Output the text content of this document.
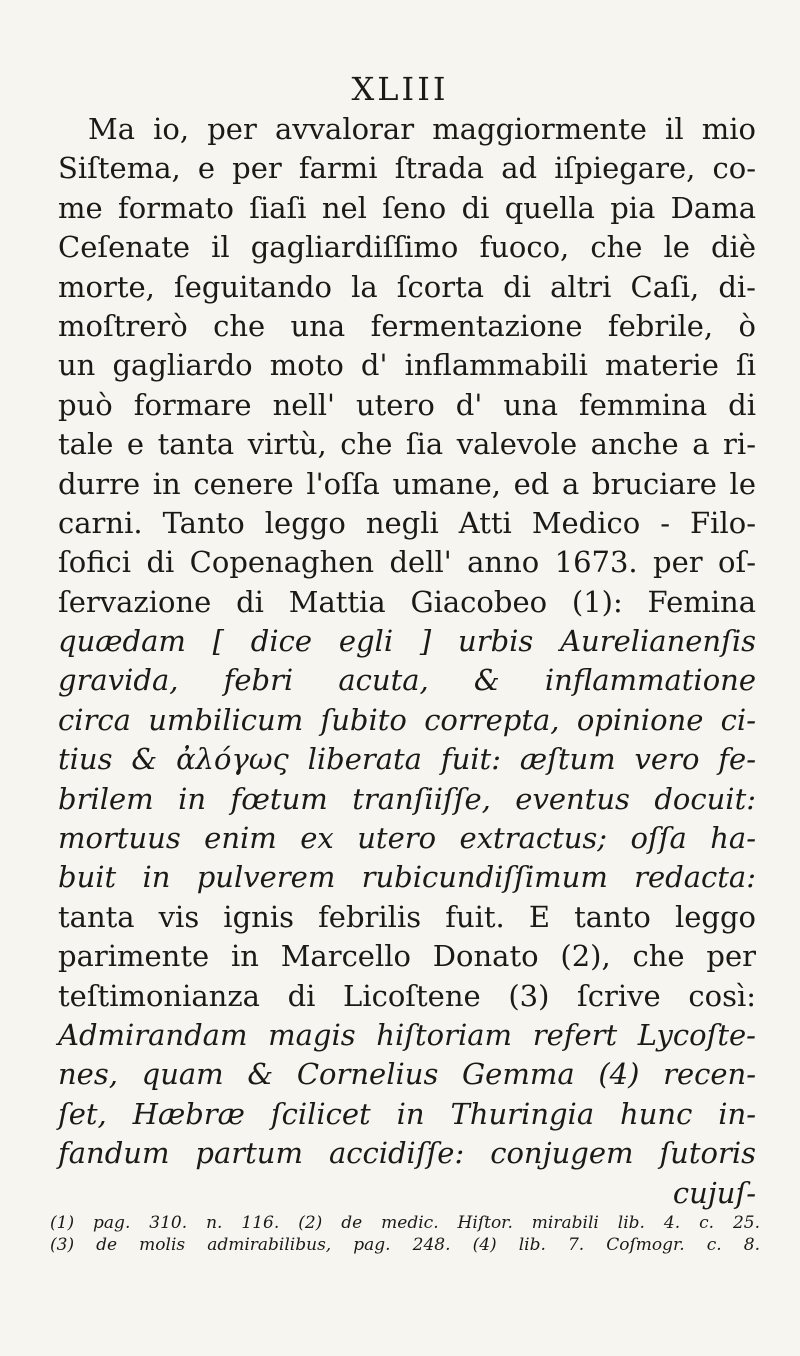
XLIII
Ma io, per avvalorar maggiormente il mio
Siſtema, e per farmi ſtrada ad iſpiegare, co-
me formato ſiaſi nel ſeno di quella pia Dama
Ceſenate il gagliardiſſimo fuoco, che le diè
morte, ſeguitando la ſcorta di altri Caſi, di-
moſtrerò che una fermentazione febrile, ò
un gagliardo moto d' inflammabili materie ſi
può formare nell' utero d' una femmina di
tale e tanta virtù, che ſia valevole anche a ri-
durre in cenere l'oſſa umane, ed a bruciare le
carni. Tanto leggo negli Atti Medico - Filo-
ſofici di Copenaghen dell' anno 1673. per oſ-
ſervazione di Mattia Giacobeo (1): Femina
quædam [ dice egli ] urbis Aurelianenſis
gravida, febri acuta, & inflammatione
circa umbilicum ſubito correpta, opinione ci-
tius & ἀλόγως liberata fuit: æſtum vero fe-
brilem in fœtum tranſiiſſe, eventus docuit:
mortuus enim ex utero extractus; oſſa ha-
buit in pulverem rubicundiſſimum redacta:
tanta vis ignis febrilis fuit. E tanto leggo
parimente in Marcello Donato (2), che per
teſtimonianza di Licoſtene (3) ſcrive così:
Admirandam magis hiſtoriam refert Lycoſte-
nes, quam & Cornelius Gemma (4) recen-
ſet, Hæbræ ſcilicet in Thuringia hunc in-
fandum partum accidiſſe: conjugem ſutoris
cujuſ-
(1) pag. 310. n. 116. (2) de medic. Hiſtor. mirabili lib. 4. c. 25.
(3) de molis admirabilibus, pag. 248. (4) lib. 7. Coſmogr. c. 8.
